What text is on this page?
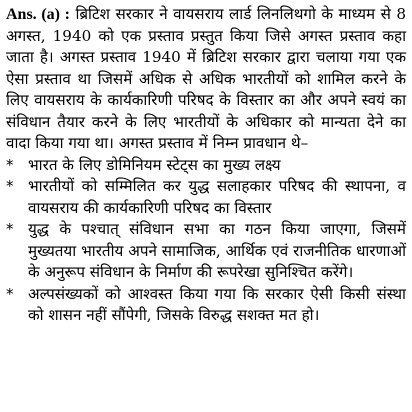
Ans. (a) : ब्रिटिश सरकार ने वायसराय लार्ड लिनलिथगो के माध्यम से 8 अगस्त, 1940 को एक प्रस्ताव प्रस्तुत किया जिसे अगस्त प्रस्ताव कहा जाता है। अगस्त प्रस्ताव 1940 में ब्रिटिश सरकार द्वारा चलाया गया एक ऐसा प्रस्ताव था जिसमें अधिक से अधिक भारतीयों को शामिल करने के लिए वायसराय के कार्यकारिणी परिषद के विस्तार का और अपने स्वयं का संविधान तैयार करने के लिए भारतीयों के अधिकार को मान्यता देने का वादा किया गया था। अगस्त प्रस्ताव में निम्न प्रावधान थे–

* भारत के लिए डोमिनियम स्टेट्स का मुख्य लक्ष्य
* भारतीयों को सम्मिलित कर युद्ध सलाहकार परिषद की स्थापना, व वायसराय की कार्यकारिणी परिषद का विस्तार
* युद्ध के पश्चात् संविधान सभा का गठन किया जाएगा, जिसमें मुख्यतया भारतीय अपने सामाजिक, आर्थिक एवं राजनीतिक धारणाओं के अनुरूप संविधान के निर्माण की रूपरेखा सुनिश्चित करेंगे।
* अल्पसंख्यकों को आश्वस्त किया गया कि सरकार ऐसी किसी संस्था को शासन नहीं सौंपेगी, जिसके विरुद्ध सशक्त मत हो।
